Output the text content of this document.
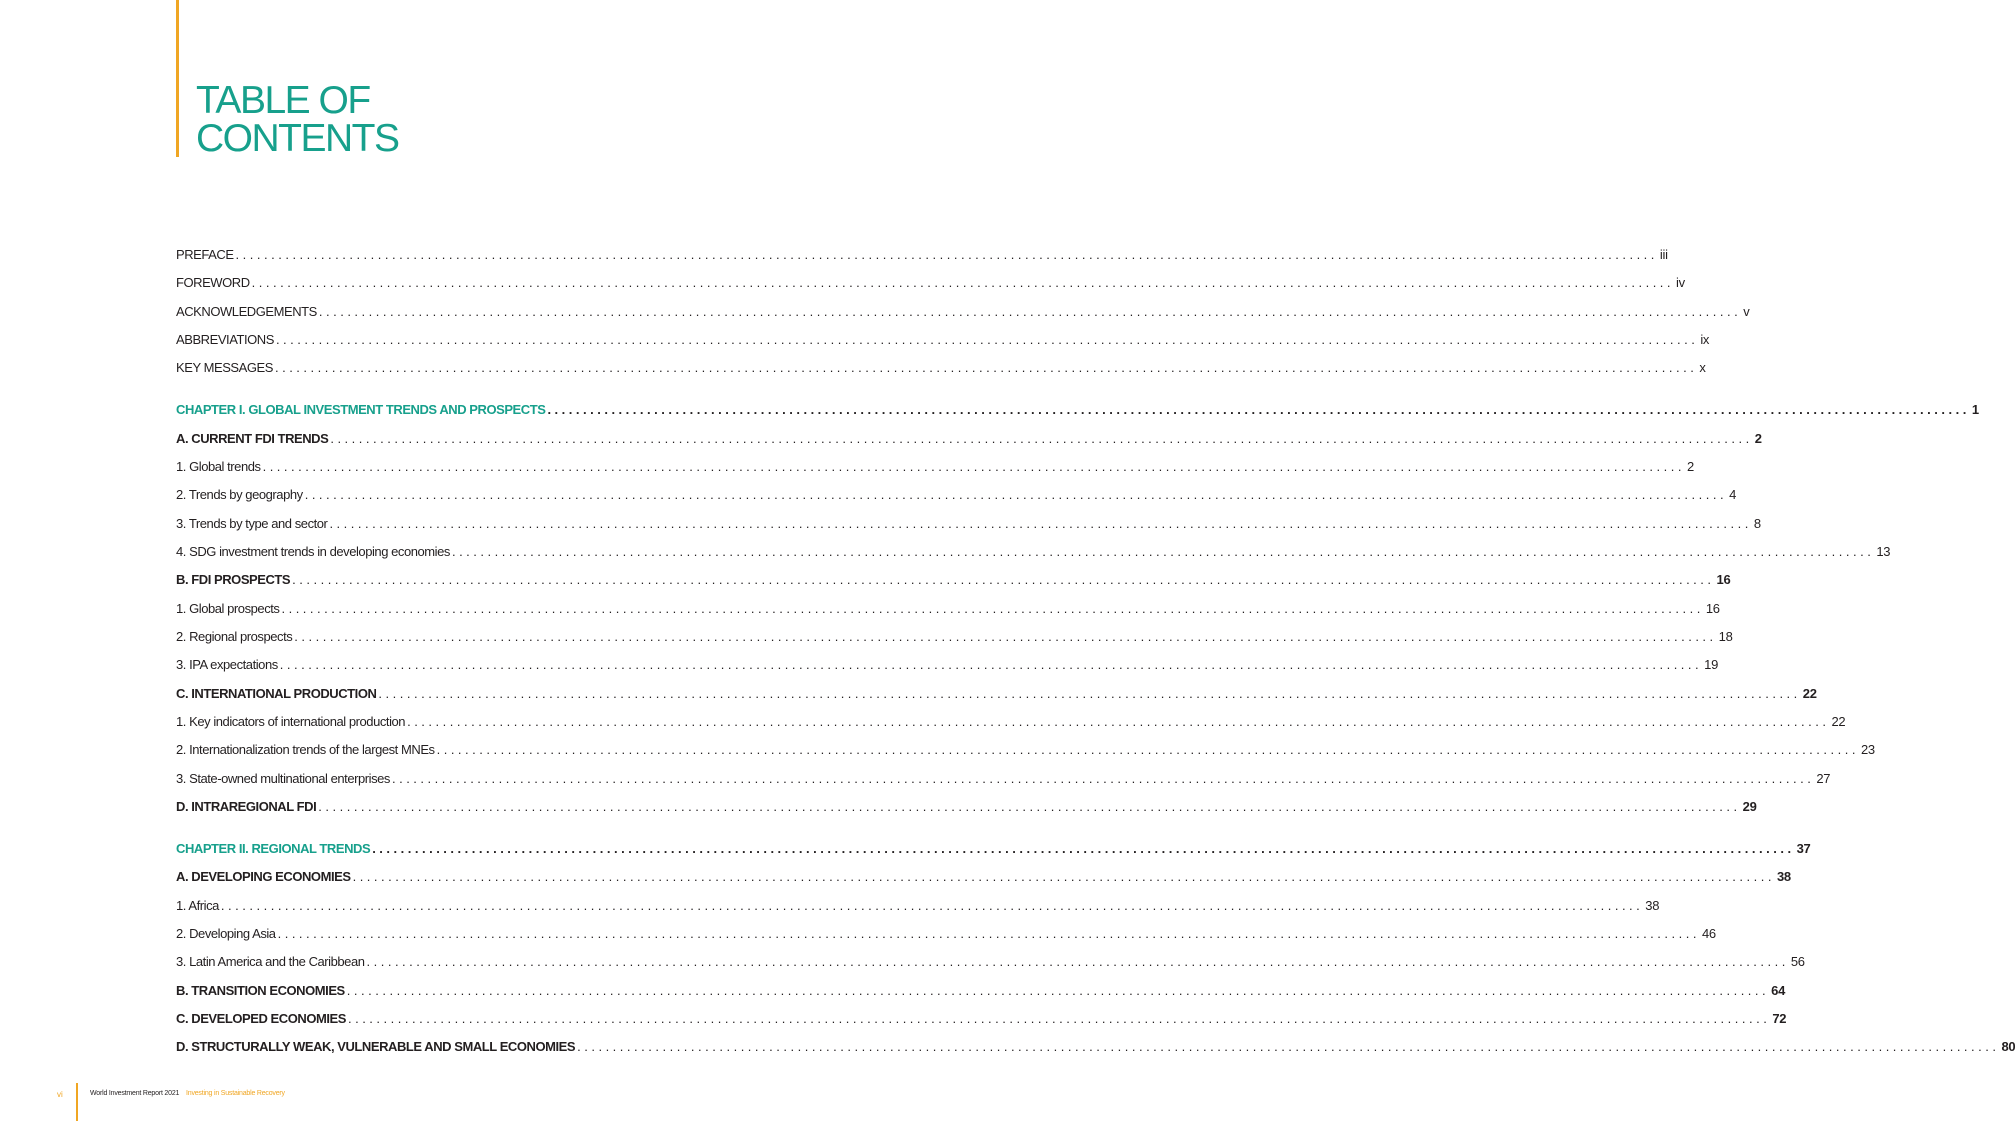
TABLE OF
CONTENTS
PREFACE ........................................................................................................................................................................................................ iii
FOREWORD ........................................................................................................................................................................................................ iv
ACKNOWLEDGEMENTS ........................................................................................................................................................................................................ v
ABBREVIATIONS ........................................................................................................................................................................................................ ix
KEY MESSAGES ........................................................................................................................................................................................................ x
CHAPTER I. GLOBAL INVESTMENT TRENDS AND PROSPECTS ........................................................................................................................................................................................................ 1
A. CURRENT FDI TRENDS ........................................................................................................................................................................................................ 2
1. Global trends ........................................................................................................................................................................................................ 2
2. Trends by geography ........................................................................................................................................................................................................ 4
3. Trends by type and sector ........................................................................................................................................................................................................ 8
4. SDG investment trends in developing economies ........................................................................................................................................................................................................ 13
B. FDI PROSPECTS ........................................................................................................................................................................................................ 16
1. Global prospects ........................................................................................................................................................................................................ 16
2. Regional prospects ........................................................................................................................................................................................................ 18
3. IPA expectations ........................................................................................................................................................................................................ 19
C. INTERNATIONAL PRODUCTION ........................................................................................................................................................................................................ 22
1. Key indicators of international production ........................................................................................................................................................................................................ 22
2. Internationalization trends of the largest MNEs ........................................................................................................................................................................................................ 23
3. State-owned multinational enterprises ........................................................................................................................................................................................................ 27
D. INTRAREGIONAL FDI ........................................................................................................................................................................................................ 29
CHAPTER II. REGIONAL TRENDS ........................................................................................................................................................................................................ 37
A. DEVELOPING ECONOMIES ........................................................................................................................................................................................................ 38
1. Africa ........................................................................................................................................................................................................ 38
2. Developing Asia ........................................................................................................................................................................................................ 46
3. Latin America and the Caribbean ........................................................................................................................................................................................................ 56
B. TRANSITION ECONOMIES ........................................................................................................................................................................................................ 64
C. DEVELOPED ECONOMIES ........................................................................................................................................................................................................ 72
D. STRUCTURALLY WEAK, VULNERABLE AND SMALL ECONOMIES ........................................................................................................................................................................................................ 80
vi	World Investment Report 2021 Investing in Sustainable Recovery
